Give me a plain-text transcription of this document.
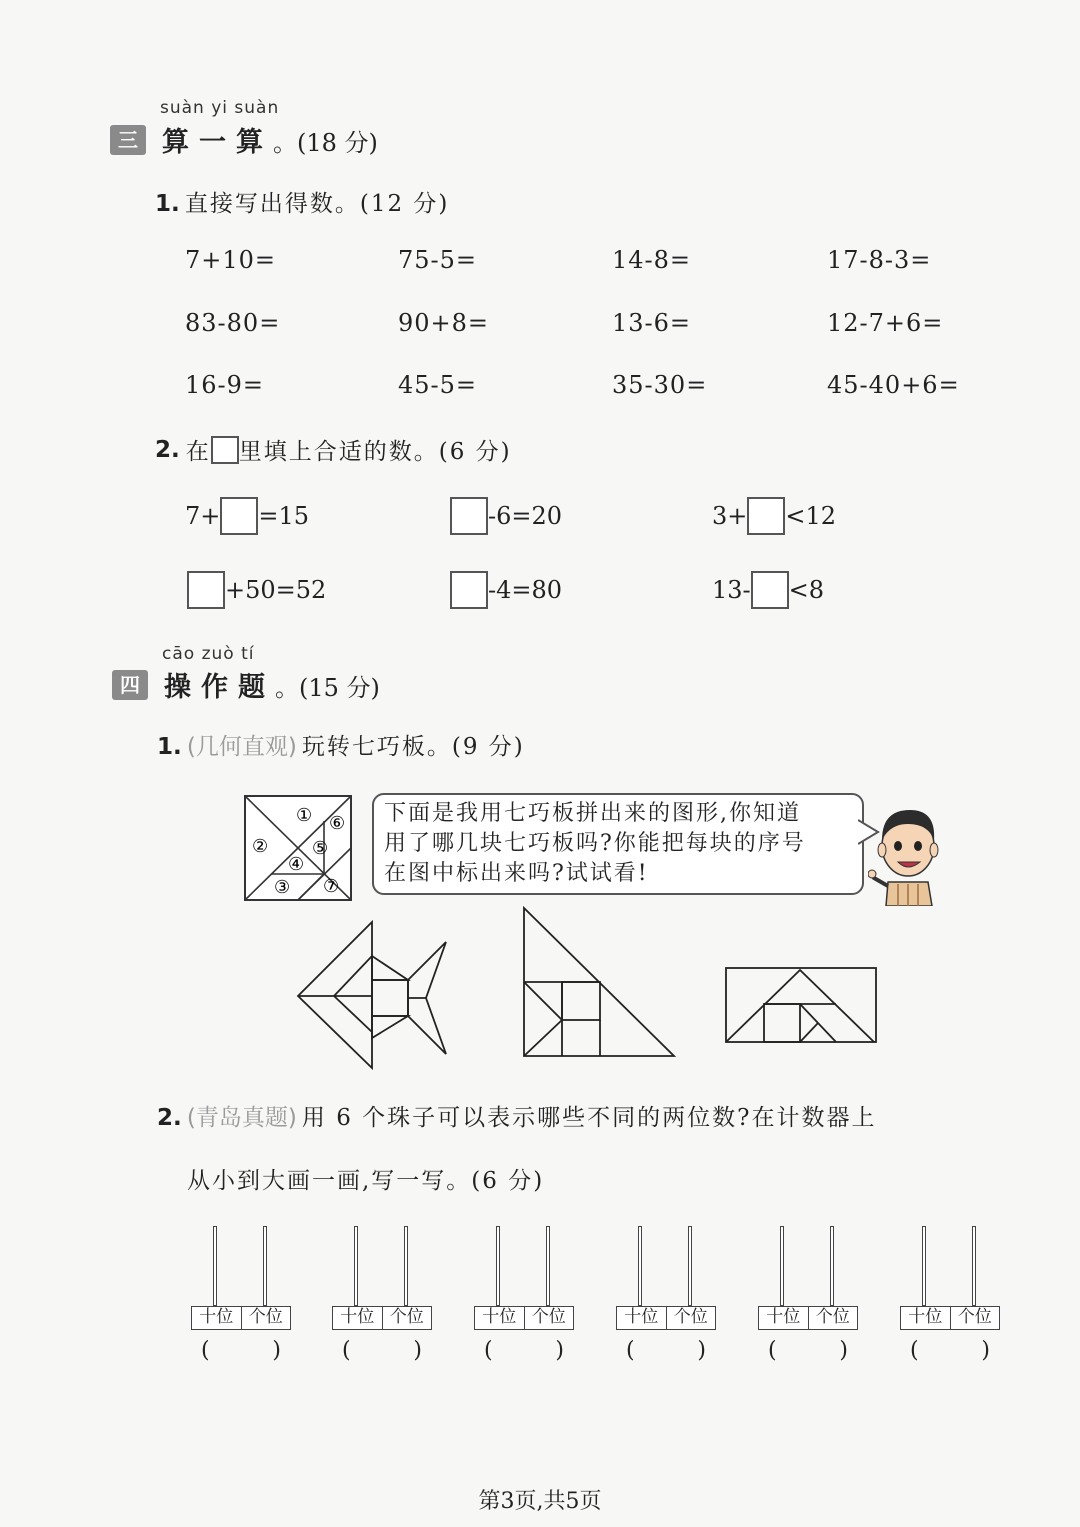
suàn yi suàn
三 算一算 。(18 分)
1. 直接写出得数。(12 分)
7+10=	75-5=	14-8=	17-8-3=
83-80=	90+8=	13-6=	12-7+6=
16-9=	45-5=	35-30=	45-40+6=
2. 在 里填上合适的数。(6 分)
7+ =15	-6=20	3+ <12
+50=52	-4=80	13- <8
cāo zuò tí
四 操作题 。(15 分)
1. (几何直观) 玩转七巧板。(9 分)
①
②
③
④
⑤
⑥
⑦
下面是我用七巧板拼出来的图形,你知道
用了哪几块七巧板吗?你能把每块的序号
在图中标出来吗?试试看!
2. (青岛真题) 用 6 个珠子可以表示哪些不同的两位数?在计数器上
从小到大画一画,写一写。(6 分)
十位 个位	十位 个位	十位 个位	十位 个位	十位 个位	十位 个位
(	)	(	)	(	)	(	)	(	)	(	)
第3页,共5页
